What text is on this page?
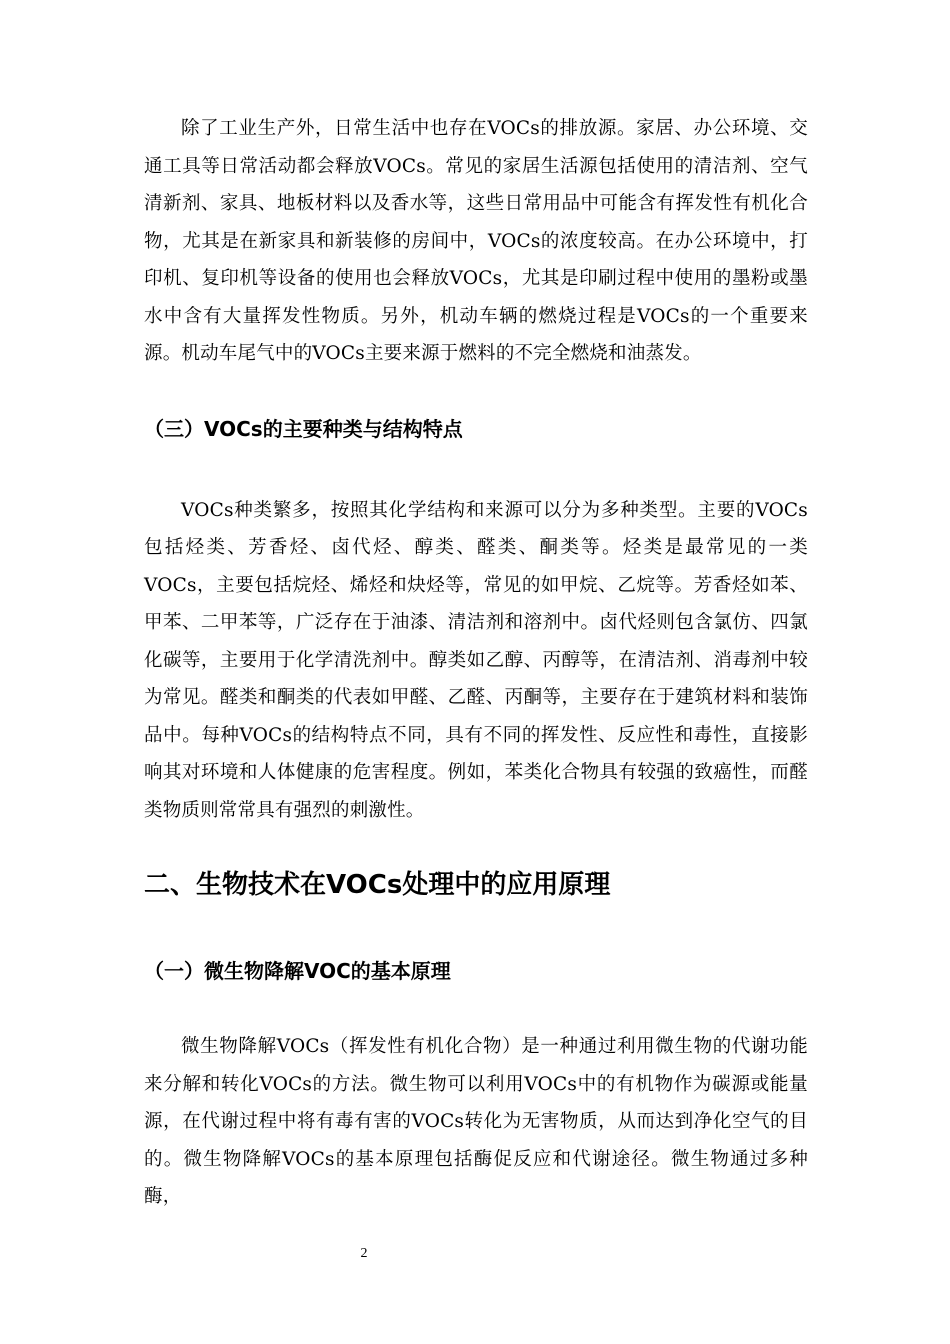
除了工业生产外，日常生活中也存在VOCs的排放源。家居、办公环境、交通工具等日常活动都会释放VOCs。常见的家居生活源包括使用的清洁剂、空气清新剂、家具、地板材料以及香水等，这些日常用品中可能含有挥发性有机化合物，尤其是在新家具和新装修的房间中，VOCs的浓度较高。在办公环境中，打印机、复印机等设备的使用也会释放VOCs，尤其是印刷过程中使用的墨粉或墨水中含有大量挥发性物质。另外，机动车辆的燃烧过程是VOCs的一个重要来源。机动车尾气中的VOCs主要来源于燃料的不完全燃烧和油蒸发。

（三）VOCs的主要种类与结构特点

VOCs种类繁多，按照其化学结构和来源可以分为多种类型。主要的VOCs包括烃类、芳香烃、卤代烃、醇类、醛类、酮类等。烃类是最常见的一类VOCs，主要包括烷烃、烯烃和炔烃等，常见的如甲烷、乙烷等。芳香烃如苯、甲苯、二甲苯等，广泛存在于油漆、清洁剂和溶剂中。卤代烃则包含氯仿、四氯化碳等，主要用于化学清洗剂中。醇类如乙醇、丙醇等，在清洁剂、消毒剂中较为常见。醛类和酮类的代表如甲醛、乙醛、丙酮等，主要存在于建筑材料和装饰品中。每种VOCs的结构特点不同，具有不同的挥发性、反应性和毒性，直接影响其对环境和人体健康的危害程度。例如，苯类化合物具有较强的致癌性，而醛类物质则常常具有强烈的刺激性。

二、生物技术在VOCs处理中的应用原理
（一）微生物降解VOC的基本原理

微生物降解VOCs（挥发性有机化合物）是一种通过利用微生物的代谢功能来分解和转化VOCs的方法。微生物可以利用VOCs中的有机物作为碳源或能量源，在代谢过程中将有毒有害的VOCs转化为无害物质，从而达到净化空气的目的。微生物降解VOCs的基本原理包括酶促反应和代谢途径。微生物通过多种酶，

2
